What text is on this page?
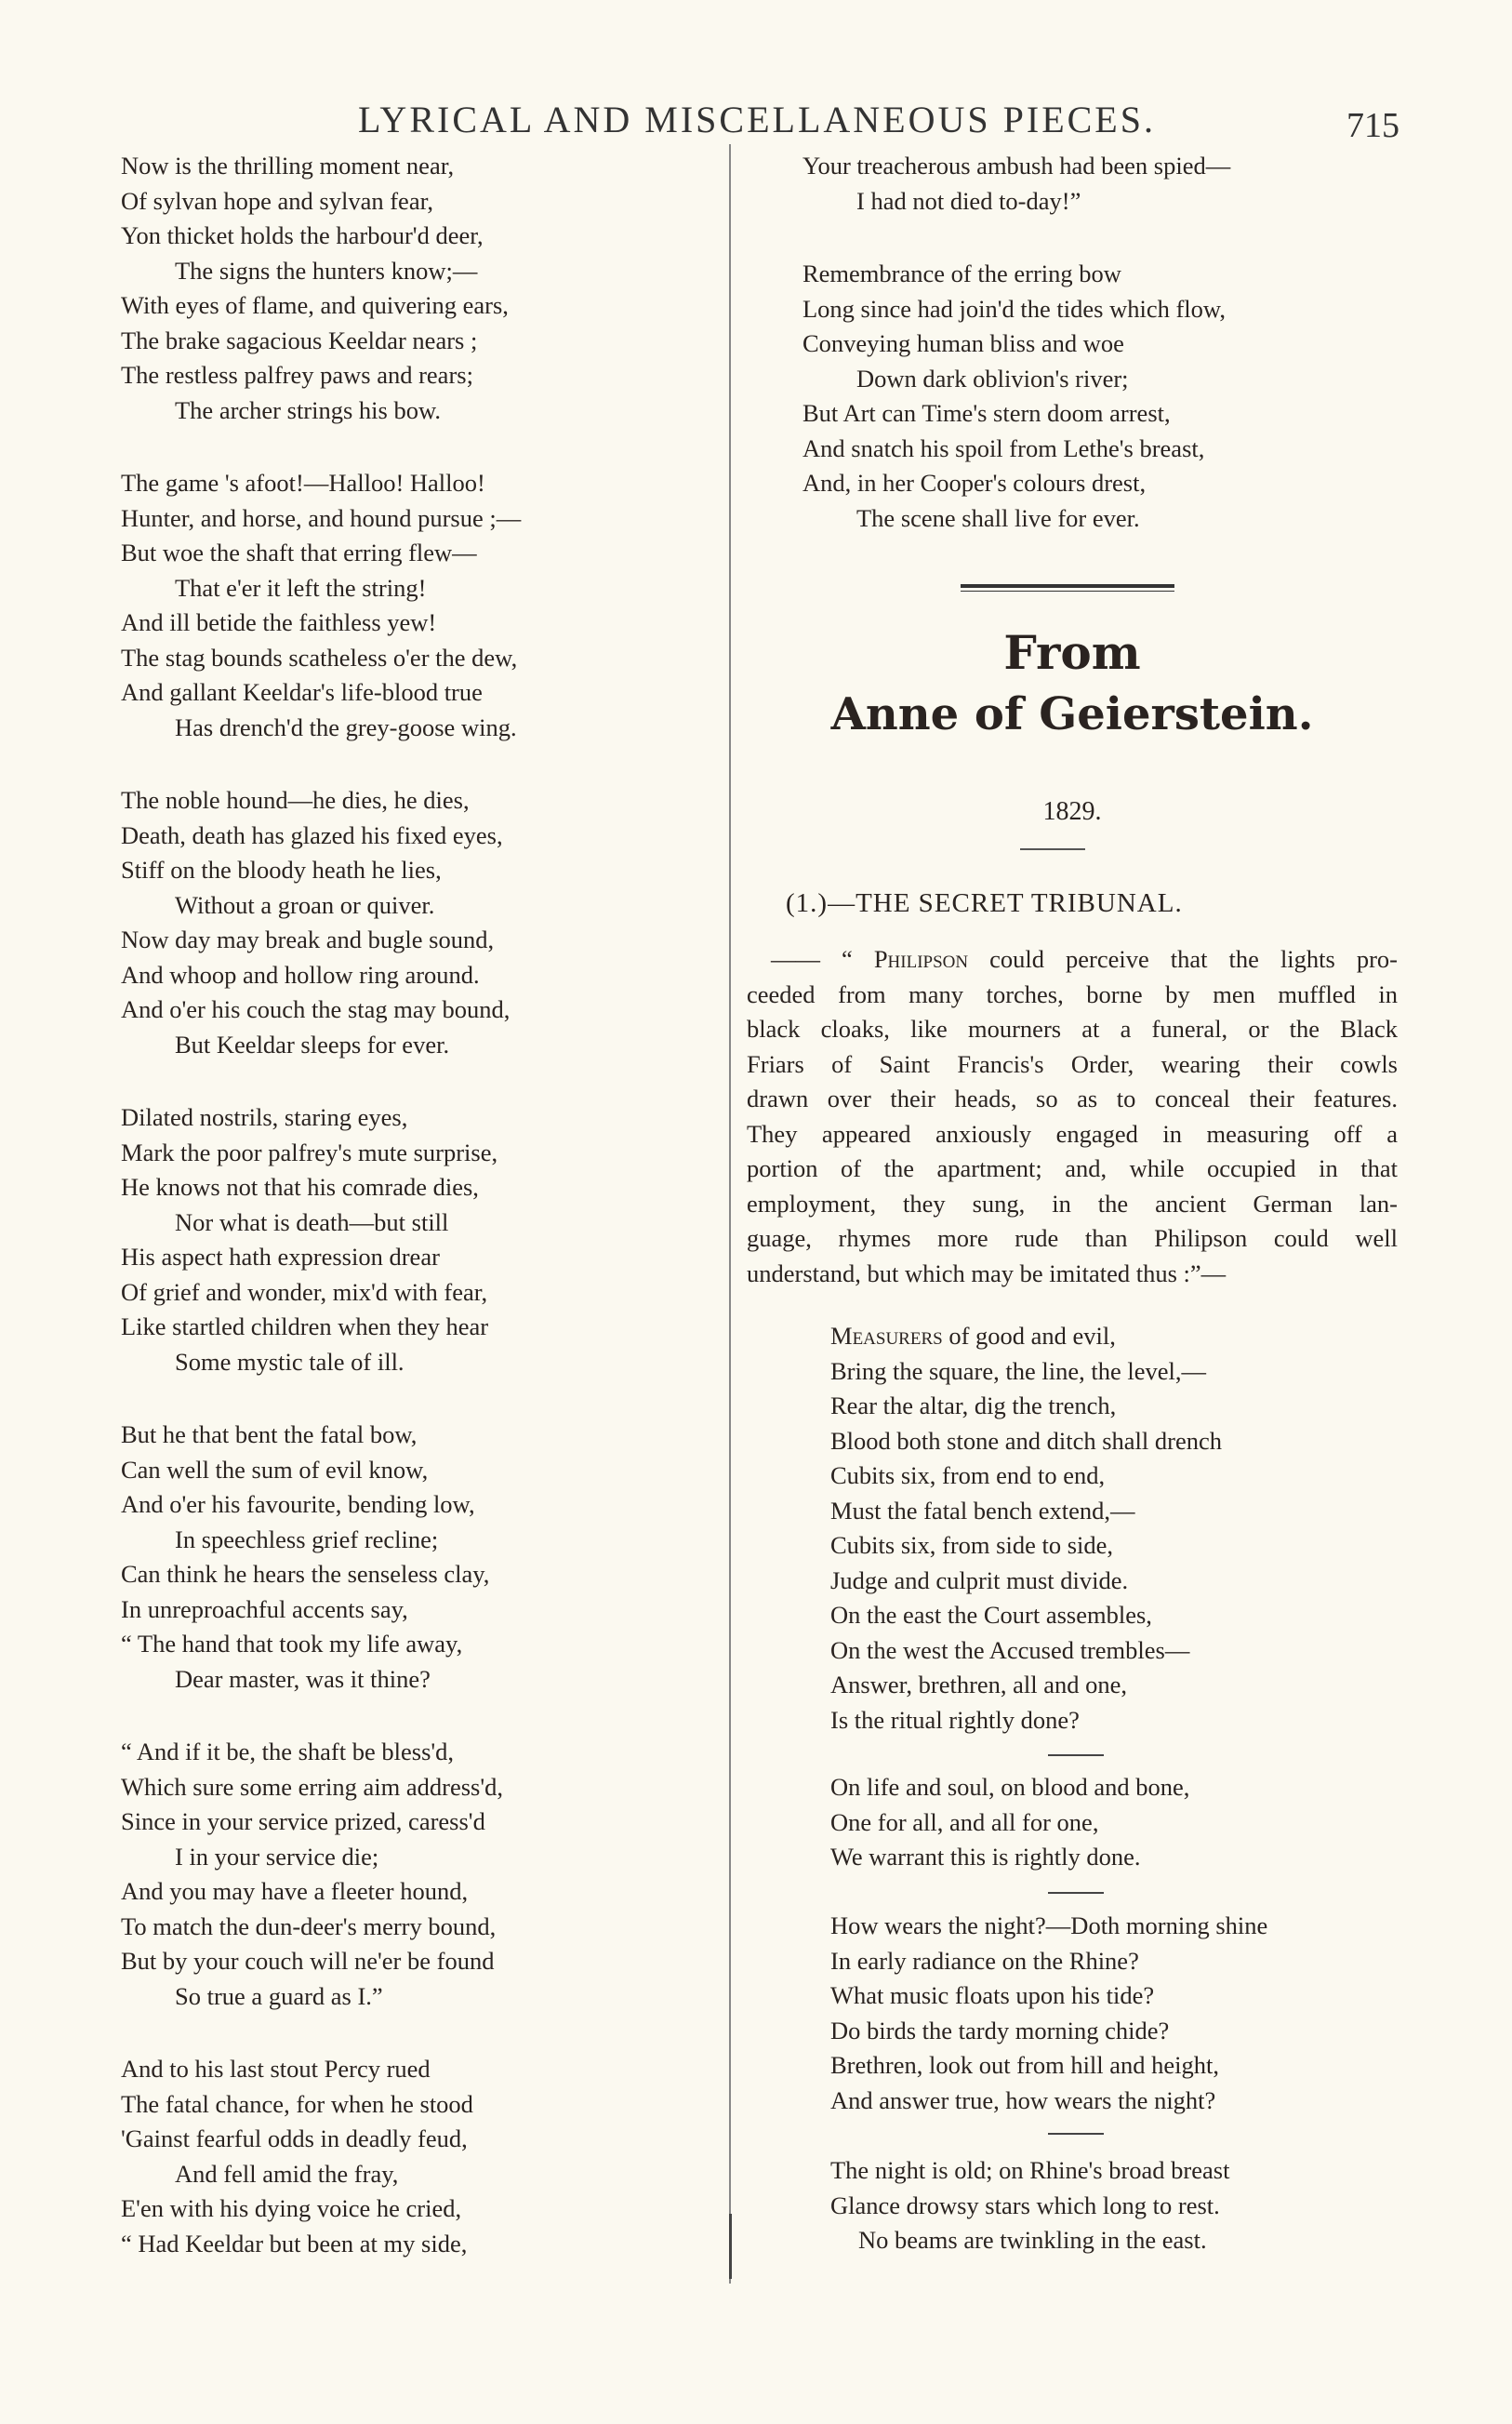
LYRICAL AND MISCELLANEOUS PIECES.	715
Now is the thrilling moment near,
Of sylvan hope and sylvan fear,
Yon thicket holds the harbour'd deer,
The signs the hunters know;—
With eyes of flame, and quivering ears,
The brake sagacious Keeldar nears ;
The restless palfrey paws and rears;
The archer strings his bow.
The game 's afoot!—Halloo! Halloo!
Hunter, and horse, and hound pursue ;—
But woe the shaft that erring flew—
That e'er it left the string!
And ill betide the faithless yew!
The stag bounds scatheless o'er the dew,
And gallant Keeldar's life-blood true
Has drench'd the grey-goose wing.
The noble hound—he dies, he dies,
Death, death has glazed his fixed eyes,
Stiff on the bloody heath he lies,
Without a groan or quiver.
Now day may break and bugle sound,
And whoop and hollow ring around.
And o'er his couch the stag may bound,
But Keeldar sleeps for ever.
Dilated nostrils, staring eyes,
Mark the poor palfrey's mute surprise,
He knows not that his comrade dies,
Nor what is death—but still
His aspect hath expression drear
Of grief and wonder, mix'd with fear,
Like startled children when they hear
Some mystic tale of ill.
But he that bent the fatal bow,
Can well the sum of evil know,
And o'er his favourite, bending low,
In speechless grief recline;
Can think he hears the senseless clay,
In unreproachful accents say,
“ The hand that took my life away,
Dear master, was it thine?
“ And if it be, the shaft be bless'd,
Which sure some erring aim address'd,
Since in your service prized, caress'd
I in your service die;
And you may have a fleeter hound,
To match the dun-deer's merry bound,
But by your couch will ne'er be found
So true a guard as I.”
And to his last stout Percy rued
The fatal chance, for when he stood
'Gainst fearful odds in deadly feud,
And fell amid the fray,
E'en with his dying voice he cried,
“ Had Keeldar but been at my side,
Your treacherous ambush had been spied—
I had not died to-day!”
Remembrance of the erring bow
Long since had join'd the tides which flow,
Conveying human bliss and woe
Down dark oblivion's river;
But Art can Time's stern doom arrest,
And snatch his spoil from Lethe's breast,
And, in her Cooper's colours drest,
The scene shall live for ever.
From
Anne of Geierstein.
1829.
(1.)—THE SECRET TRIBUNAL.
—— “ Philipson could perceive that the lights pro-
ceeded from many torches, borne by men muffled in
black cloaks, like mourners at a funeral, or the Black
Friars of Saint Francis's Order, wearing their cowls
drawn over their heads, so as to conceal their features.
They appeared anxiously engaged in measuring off a
portion of the apartment; and, while occupied in that
employment, they sung, in the ancient German lan-
guage, rhymes more rude than Philipson could well
understand, but which may be imitated thus :”—
Measurers of good and evil,
Bring the square, the line, the level,—
Rear the altar, dig the trench,
Blood both stone and ditch shall drench
Cubits six, from end to end,
Must the fatal bench extend,—
Cubits six, from side to side,
Judge and culprit must divide.
On the east the Court assembles,
On the west the Accused trembles—
Answer, brethren, all and one,
Is the ritual rightly done?
On life and soul, on blood and bone,
One for all, and all for one,
We warrant this is rightly done.
How wears the night?—Doth morning shine
In early radiance on the Rhine?
What music floats upon his tide?
Do birds the tardy morning chide?
Brethren, look out from hill and height,
And answer true, how wears the night?
The night is old; on Rhine's broad breast
Glance drowsy stars which long to rest.
No beams are twinkling in the east.
